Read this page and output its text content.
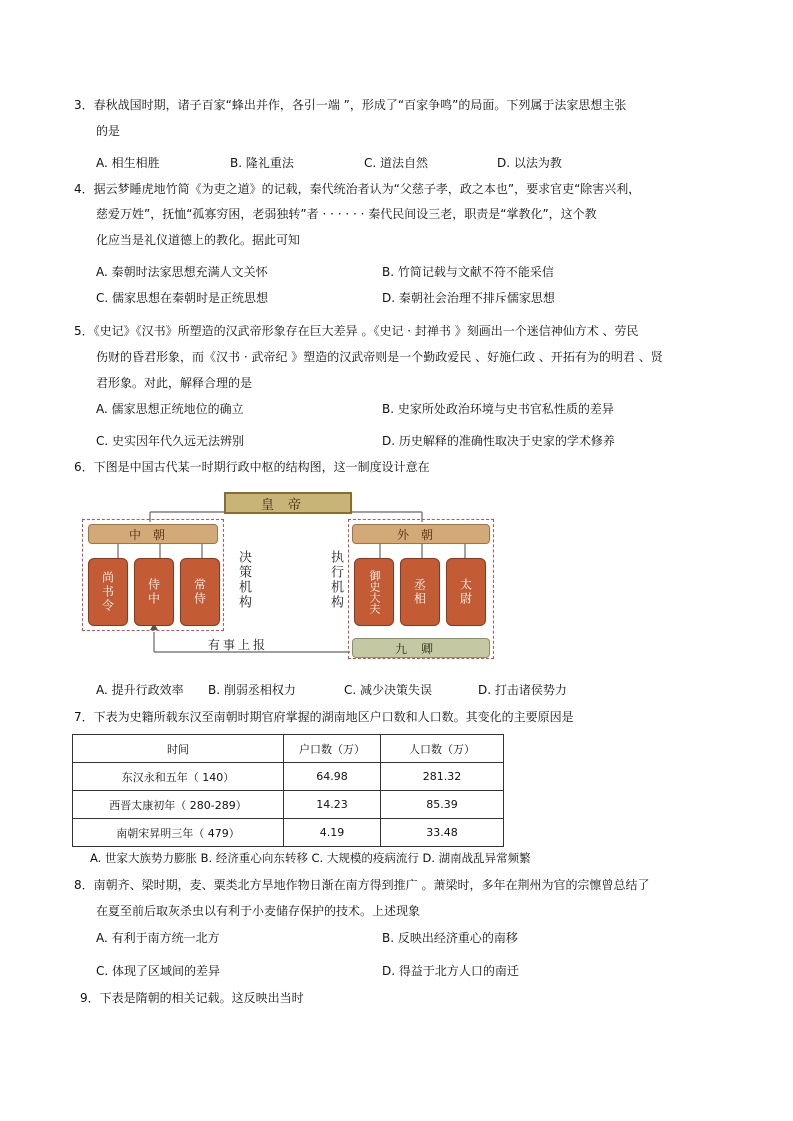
3．春秋战国时期，诸子百家“蜂出并作，各引一端 ”，形成了“百家争鸣”的局面。下列属于法家思想主张
的是
A. 相生相胜	B. 隆礼重法	C. 道法自然	D. 以法为教
4．据云梦睡虎地竹简《为吏之道》的记载，秦代统治者认为“父慈子孝，政之本也”，要求官吏“除害兴利，
慈爱万姓”，抚恤“孤寡穷困，老弱独转”者 · · · · · · 秦代民间设三老，职责是“掌教化”，这个教
化应当是礼仪道德上的教化。据此可知
A. 秦朝时法家思想充满人文关怀	B. 竹简记载与文献不符不能采信
C. 儒家思想在秦朝时是正统思想	D. 秦朝社会治理不排斥儒家思想
5．《史记》《汉书》所塑造的汉武帝形象存在巨大差异 。《史记 · 封禅书 》刻画出一个迷信神仙方术 、劳民
伤财的昏君形象，而《汉书 · 武帝纪 》塑造的汉武帝则是一个勤政爱民 、好施仁政 、开拓有为的明君 、贤
君形象。对此，解释合理的是
A. 儒家思想正统地位的确立	B. 史家所处政治环境与史书官私性质的差异
C. 史实因年代久远无法辨别	D. 历史解释的准确性取决于史家的学术修养
6．下图是中国古代某一时期行政中枢的结构图，这一制度设计意在
皇帝
中朝	外朝
决策机构	执行机构
尚书令	侍中	常侍	御史大夫	丞相	太尉
九卿
有事上报
A. 提升行政效率 B. 削弱丞相权力	C. 减少决策失误	D. 打击诸侯势力
7．下表为史籍所载东汉至南朝时期官府掌握的湖南地区户口数和人口数。其变化的主要原因是
时间	户口数（万）	人口数（万）
东汉永和五年（ 140）	64.98	281.32
西晋太康初年（ 280-289）	14.23	85.39
南朝宋昇明三年（ 479）	4.19	33.48
A. 世家大族势力膨胀 B. 经济重心向东转移 C. 大规模的疫病流行 D. 湖南战乱异常频繁
8．南朝齐、梁时期，麦、粟类北方旱地作物日渐在南方得到推广 。萧梁时，多年在荆州为官的宗懔曾总结了
在夏至前后取灰杀虫以有利于小麦储存保护的技术。上述现象
A. 有利于南方统一北方	B. 反映出经济重心的南移
C. 体现了区域间的差异	D. 得益于北方人口的南迁
9．下表是隋朝的相关记载。这反映出当时
